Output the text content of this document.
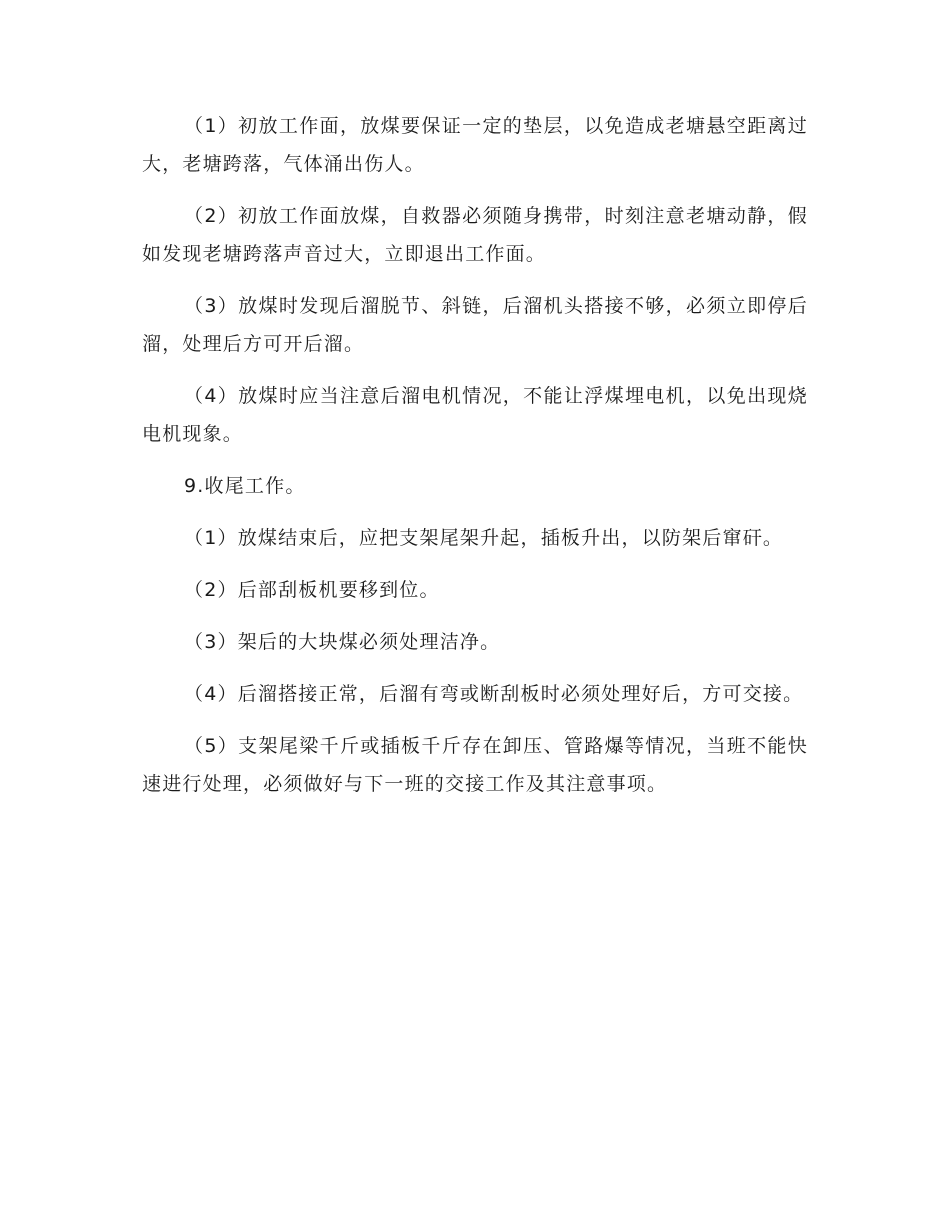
（1）初放工作面，放煤要保证一定的垫层，以免造成老塘悬空距离过大，老塘跨落，气体涌出伤人。

（2）初放工作面放煤，自救器必须随身携带，时刻注意老塘动静，假如发现老塘跨落声音过大，立即退出工作面。

（3）放煤时发现后溜脱节、斜链，后溜机头搭接不够，必须立即停后溜，处理后方可开后溜。

（4）放煤时应当注意后溜电机情况，不能让浮煤埋电机，以免出现烧电机现象。

9.收尾工作。

（1）放煤结束后，应把支架尾架升起，插板升出，以防架后窜矸。

（2）后部刮板机要移到位。

（3）架后的大块煤必须处理洁净。

（4）后溜搭接正常，后溜有弯或断刮板时必须处理好后，方可交接。

（5）支架尾梁千斤或插板千斤存在卸压、管路爆等情况，当班不能快速进行处理，必须做好与下一班的交接工作及其注意事项。
